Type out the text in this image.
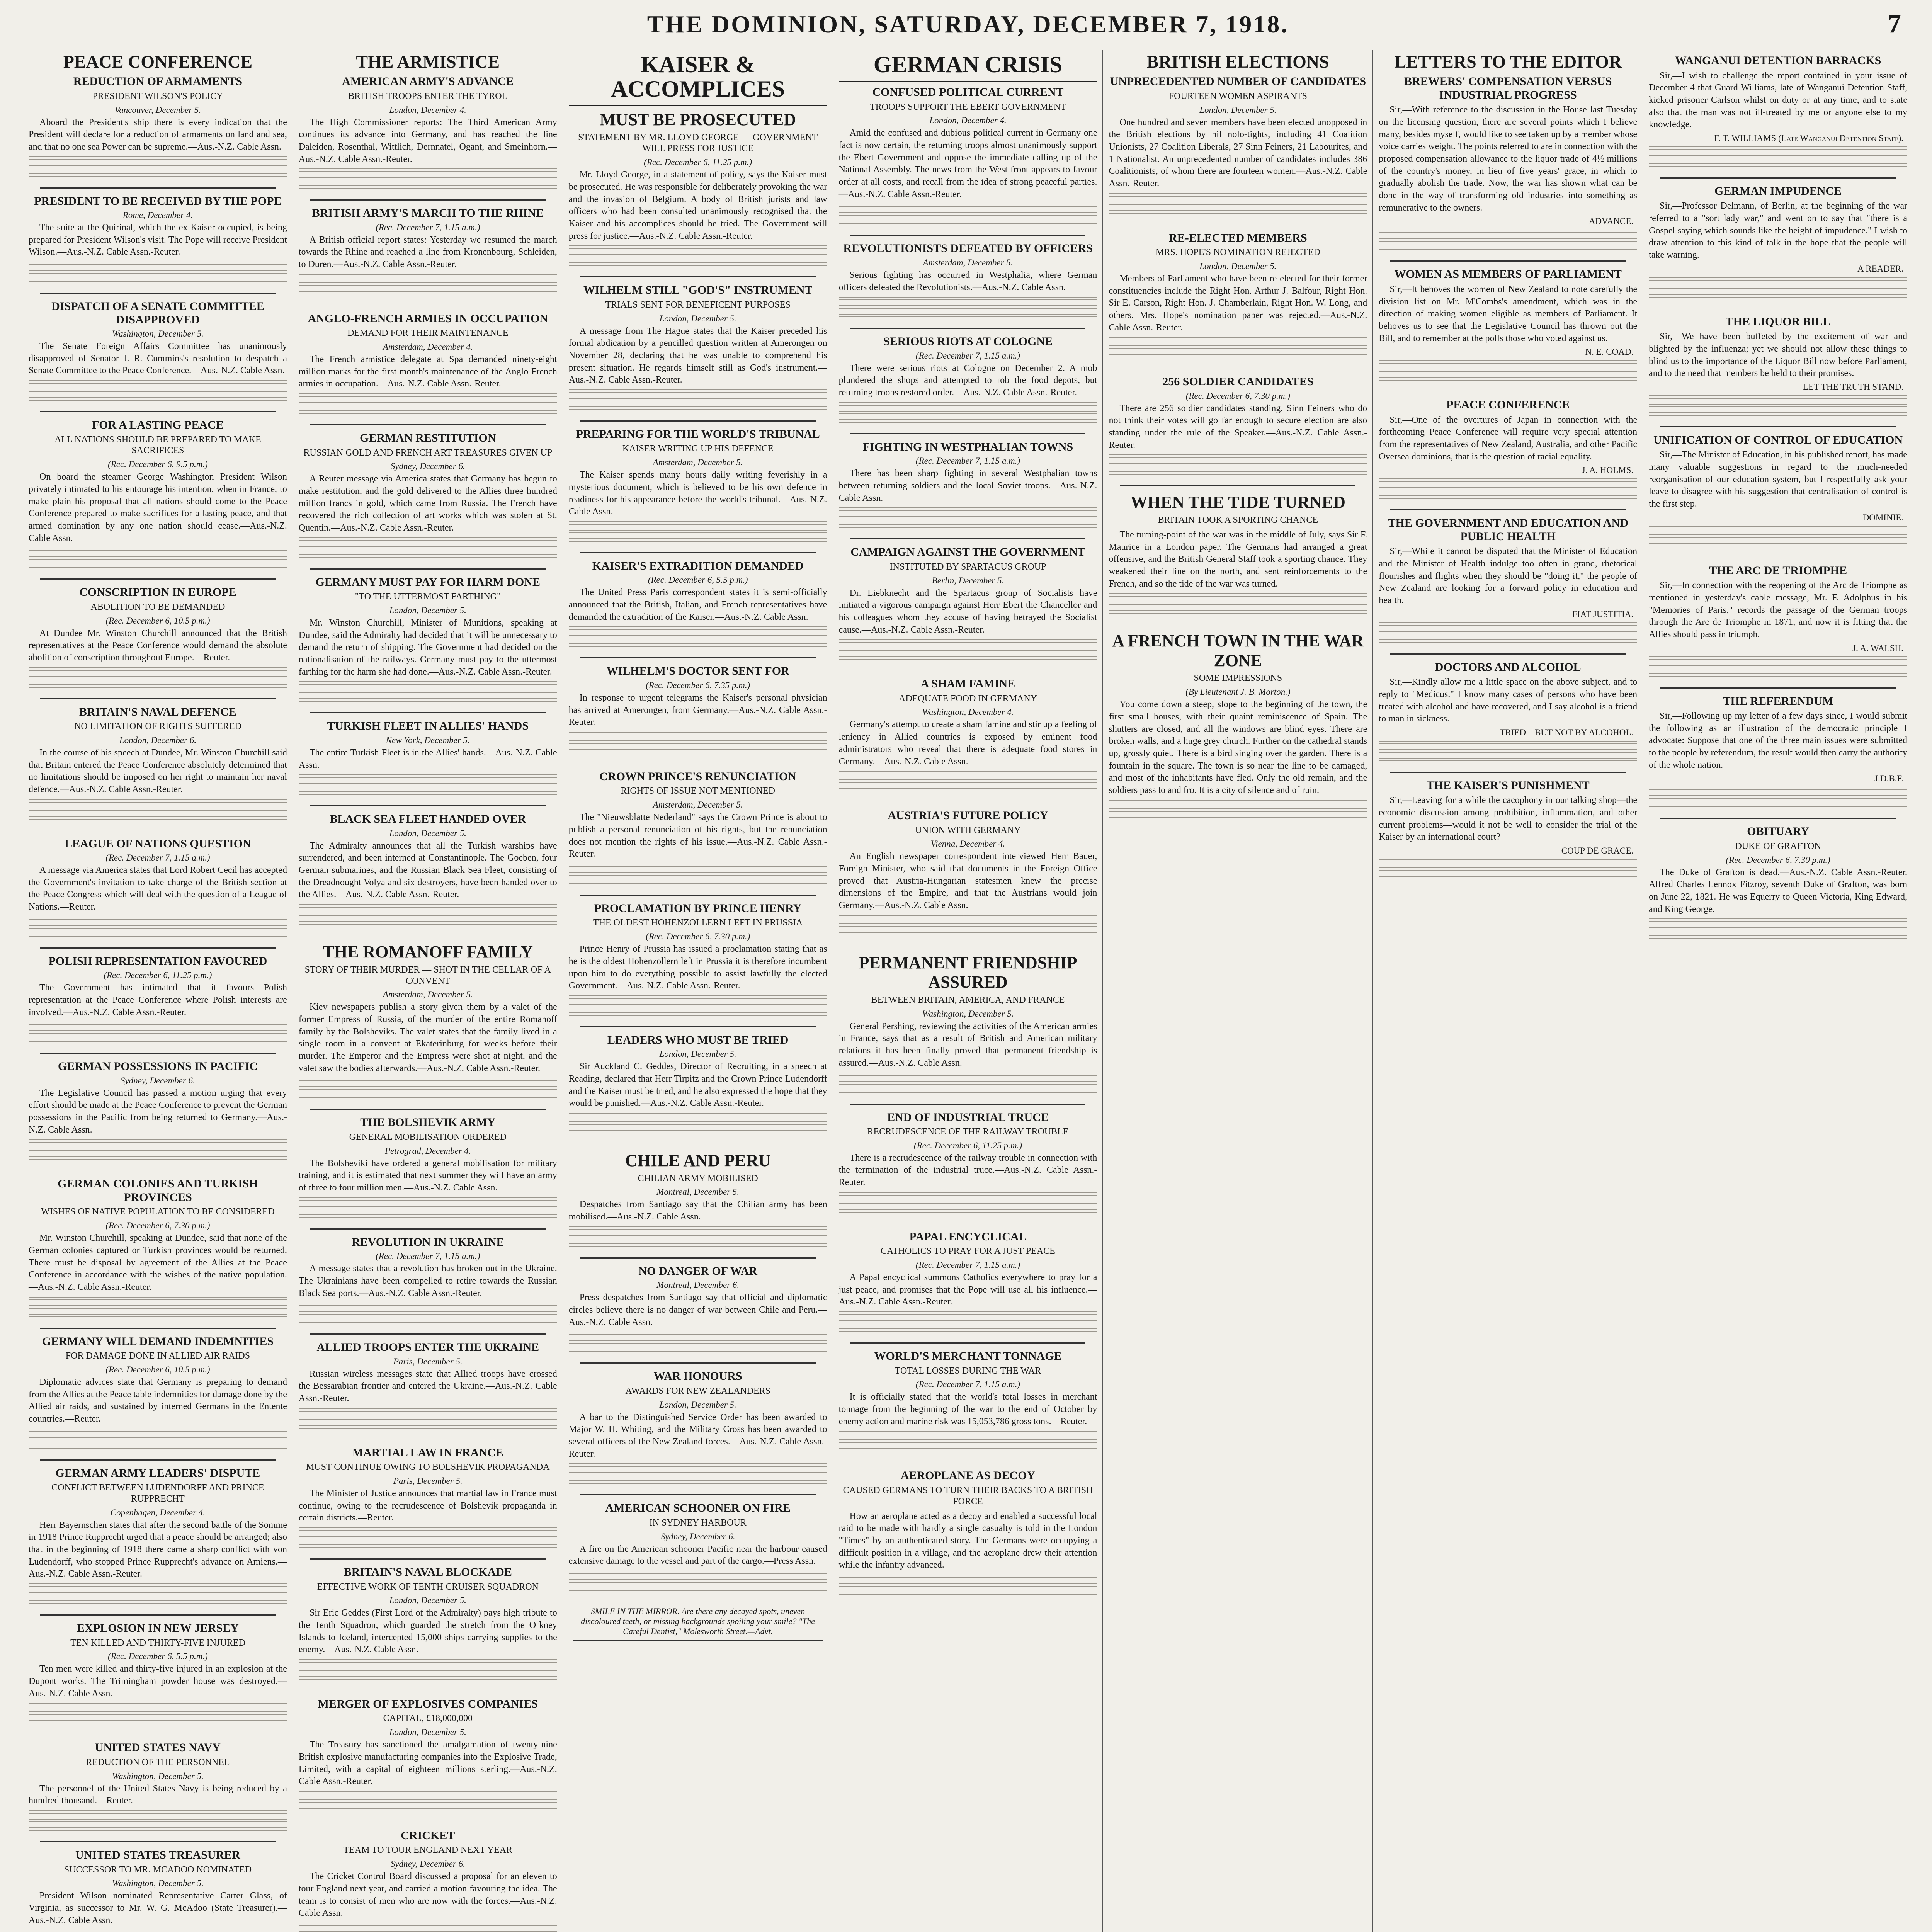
THE DOMINION, SATURDAY, DECEMBER 7, 1918.	7
PEACE CONFERENCE
REDUCTION OF ARMAMENTS
PRESIDENT WILSON'S POLICY
Vancouver, December 5.

Aboard the President's ship there is every indication that the President will declare for a reduction of armaments on land and sea, and that no one sea Power can be supreme.—Aus.-N.Z. Cable Assn.

PRESIDENT TO BE RECEIVED BY THE POPE
Rome, December 4.

The suite at the Quirinal, which the ex-Kaiser occupied, is being prepared for President Wilson's visit. The Pope will receive President Wilson.—Aus.-N.Z. Cable Assn.-Reuter.

DISPATCH OF A SENATE COMMITTEE DISAPPROVED
Washington, December 5.

The Senate Foreign Affairs Committee has unanimously disapproved of Senator J. R. Cummins's resolution to despatch a Senate Committee to the Peace Conference.—Aus.-N.Z. Cable Assn.

FOR A LASTING PEACE
ALL NATIONS SHOULD BE PREPARED TO MAKE SACRIFICES
(Rec. December 6, 9.5 p.m.)

On board the steamer George Washington President Wilson privately intimated to his entourage his intention, when in France, to make plain his proposal that all nations should come to the Peace Conference prepared to make sacrifices for a lasting peace, and that armed domination by any one nation should cease.—Aus.-N.Z. Cable Assn.

CONSCRIPTION IN EUROPE
ABOLITION TO BE DEMANDED
(Rec. December 6, 10.5 p.m.)

At Dundee Mr. Winston Churchill announced that the British representatives at the Peace Conference would demand the absolute abolition of conscription throughout Europe.—Reuter.

BRITAIN'S NAVAL DEFENCE
NO LIMITATION OF RIGHTS SUFFERED
London, December 6.

In the course of his speech at Dundee, Mr. Winston Churchill said that Britain entered the Peace Conference absolutely determined that no limitations should be imposed on her right to maintain her naval defence.—Aus.-N.Z. Cable Assn.-Reuter.

LEAGUE OF NATIONS QUESTION
(Rec. December 7, 1.15 a.m.)

A message via America states that Lord Robert Cecil has accepted the Government's invitation to take charge of the British section at the Peace Congress which will deal with the question of a League of Nations.—Reuter.

POLISH REPRESENTATION FAVOURED
(Rec. December 6, 11.25 p.m.)

The Government has intimated that it favours Polish representation at the Peace Conference where Polish interests are involved.—Aus.-N.Z. Cable Assn.-Reuter.

GERMAN POSSESSIONS IN PACIFIC
Sydney, December 6.

The Legislative Council has passed a motion urging that every effort should be made at the Peace Conference to prevent the German possessions in the Pacific from being returned to Germany.—Aus.-N.Z. Cable Assn.

GERMAN COLONIES AND TURKISH PROVINCES
WISHES OF NATIVE POPULATION TO BE CONSIDERED
(Rec. December 6, 7.30 p.m.)

Mr. Winston Churchill, speaking at Dundee, said that none of the German colonies captured or Turkish provinces would be returned. There must be disposal by agreement of the Allies at the Peace Conference in accordance with the wishes of the native population.—Aus.-N.Z. Cable Assn.-Reuter.

GERMANY WILL DEMAND INDEMNITIES
FOR DAMAGE DONE IN ALLIED AIR RAIDS
(Rec. December 6, 10.5 p.m.)

Diplomatic advices state that Germany is preparing to demand from the Allies at the Peace table indemnities for damage done by the Allied air raids, and sustained by interned Germans in the Entente countries.—Reuter.

GERMAN ARMY LEADERS' DISPUTE
CONFLICT BETWEEN LUDENDORFF AND PRINCE RUPPRECHT
Copenhagen, December 4.

Herr Bayernschen states that after the second battle of the Somme in 1918 Prince Rupprecht urged that a peace should be arranged; also that in the beginning of 1918 there came a sharp conflict with von Ludendorff, who stopped Prince Rupprecht's advance on Amiens.—Aus.-N.Z. Cable Assn.-Reuter.

EXPLOSION IN NEW JERSEY
TEN KILLED AND THIRTY-FIVE INJURED
(Rec. December 6, 5.5 p.m.)

Ten men were killed and thirty-five injured in an explosion at the Dupont works. The Trimingham powder house was destroyed.—Aus.-N.Z. Cable Assn.

UNITED STATES NAVY
REDUCTION OF THE PERSONNEL
Washington, December 5.

The personnel of the United States Navy is being reduced by a hundred thousand.—Reuter.

UNITED STATES TREASURER
SUCCESSOR TO MR. MCADOO NOMINATED
Washington, December 5.

President Wilson nominated Representative Carter Glass, of Virginia, as successor to Mr. W. G. McAdoo (State Treasurer).—Aus.-N.Z. Cable Assn.

THE ARMISTICE
AMERICAN ARMY'S ADVANCE
BRITISH TROOPS ENTER THE TYROL
London, December 4.

The High Commissioner reports: The Third American Army continues its advance into Germany, and has reached the line Daleiden, Rosenthal, Wittlich, Dernnatel, Ogant, and Smeinhorn.—Aus.-N.Z. Cable Assn.-Reuter.

BRITISH ARMY'S MARCH TO THE RHINE
(Rec. December 7, 1.15 a.m.)

A British official report states: Yesterday we resumed the march towards the Rhine and reached a line from Kronenbourg, Schleiden, to Duren.—Aus.-N.Z. Cable Assn.-Reuter.

ANGLO-FRENCH ARMIES IN OCCUPATION
DEMAND FOR THEIR MAINTENANCE
Amsterdam, December 4.

The French armistice delegate at Spa demanded ninety-eight million marks for the first month's maintenance of the Anglo-French armies in occupation.—Aus.-N.Z. Cable Assn.-Reuter.

GERMAN RESTITUTION
RUSSIAN GOLD AND FRENCH ART TREASURES GIVEN UP
Sydney, December 6.

A Reuter message via America states that Germany has begun to make restitution, and the gold delivered to the Allies three hundred million francs in gold, which came from Russia. The French have recovered the rich collection of art works which was stolen at St. Quentin.—Aus.-N.Z. Cable Assn.-Reuter.

GERMANY MUST PAY FOR HARM DONE
"TO THE UTTERMOST FARTHING"
London, December 5.

Mr. Winston Churchill, Minister of Munitions, speaking at Dundee, said the Admiralty had decided that it will be unnecessary to demand the return of shipping. The Government had decided on the nationalisation of the railways. Germany must pay to the uttermost farthing for the harm she had done.—Aus.-N.Z. Cable Assn.-Reuter.

TURKISH FLEET IN ALLIES' HANDS
New York, December 5.

The entire Turkish Fleet is in the Allies' hands.—Aus.-N.Z. Cable Assn.

BLACK SEA FLEET HANDED OVER
London, December 5.

The Admiralty announces that all the Turkish warships have surrendered, and been interned at Constantinople. The Goeben, four German submarines, and the Russian Black Sea Fleet, consisting of the Dreadnought Volya and six destroyers, have been handed over to the Allies.—Aus.-N.Z. Cable Assn.-Reuter.

THE ROMANOFF FAMILY
STORY OF THEIR MURDER — SHOT IN THE CELLAR OF A CONVENT
Amsterdam, December 5.

Kiev newspapers publish a story given them by a valet of the former Empress of Russia, of the murder of the entire Romanoff family by the Bolsheviks. The valet states that the family lived in a single room in a convent at Ekaterinburg for weeks before their murder. The Emperor and the Empress were shot at night, and the valet saw the bodies afterwards.—Aus.-N.Z. Cable Assn.-Reuter.

THE BOLSHEVIK ARMY
GENERAL MOBILISATION ORDERED
Petrograd, December 4.

The Bolsheviki have ordered a general mobilisation for military training, and it is estimated that next summer they will have an army of three to four million men.—Aus.-N.Z. Cable Assn.

REVOLUTION IN UKRAINE
(Rec. December 7, 1.15 a.m.)

A message states that a revolution has broken out in the Ukraine. The Ukrainians have been compelled to retire towards the Russian Black Sea ports.—Aus.-N.Z. Cable Assn.-Reuter.

ALLIED TROOPS ENTER THE UKRAINE
Paris, December 5.

Russian wireless messages state that Allied troops have crossed the Bessarabian frontier and entered the Ukraine.—Aus.-N.Z. Cable Assn.-Reuter.

MARTIAL LAW IN FRANCE
MUST CONTINUE OWING TO BOLSHEVIK PROPAGANDA
Paris, December 5.

The Minister of Justice announces that martial law in France must continue, owing to the recrudescence of Bolshevik propaganda in certain districts.—Reuter.

BRITAIN'S NAVAL BLOCKADE
EFFECTIVE WORK OF TENTH CRUISER SQUADRON
London, December 5.

Sir Eric Geddes (First Lord of the Admiralty) pays high tribute to the Tenth Squadron, which guarded the stretch from the Orkney Islands to Iceland, intercepted 15,000 ships carrying supplies to the enemy.—Aus.-N.Z. Cable Assn.

MERGER OF EXPLOSIVES COMPANIES
CAPITAL, £18,000,000
London, December 5.

The Treasury has sanctioned the amalgamation of twenty-nine British explosive manufacturing companies into the Explosive Trade, Limited, with a capital of eighteen millions sterling.—Aus.-N.Z. Cable Assn.-Reuter.

CRICKET
TEAM TO TOUR ENGLAND NEXT YEAR
Sydney, December 6.

The Cricket Control Board discussed a proposal for an eleven to tour England next year, and carried a motion favouring the idea. The team is to consist of men who are now with the forces.—Aus.-N.Z. Cable Assn.

KAISER & ACCOMPLICES
MUST BE PROSECUTED
STATEMENT BY MR. LLOYD GEORGE — GOVERNMENT WILL PRESS FOR JUSTICE
(Rec. December 6, 11.25 p.m.)

Mr. Lloyd George, in a statement of policy, says the Kaiser must be prosecuted. He was responsible for deliberately provoking the war and the invasion of Belgium. A body of British jurists and law officers who had been consulted unanimously recognised that the Kaiser and his accomplices should be tried. The Government will press for justice.—Aus.-N.Z. Cable Assn.-Reuter.

WILHELM STILL "GOD'S" INSTRUMENT
TRIALS SENT FOR BENEFICENT PURPOSES
London, December 5.

A message from The Hague states that the Kaiser preceded his formal abdication by a pencilled question written at Amerongen on November 28, declaring that he was unable to comprehend his present situation. He regards himself still as God's instrument.—Aus.-N.Z. Cable Assn.-Reuter.

PREPARING FOR THE WORLD'S TRIBUNAL
KAISER WRITING UP HIS DEFENCE
Amsterdam, December 5.

The Kaiser spends many hours daily writing feverishly in a mysterious document, which is believed to be his own defence in readiness for his appearance before the world's tribunal.—Aus.-N.Z. Cable Assn.

KAISER'S EXTRADITION DEMANDED
(Rec. December 6, 5.5 p.m.)

The United Press Paris correspondent states it is semi-officially announced that the British, Italian, and French representatives have demanded the extradition of the Kaiser.—Aus.-N.Z. Cable Assn.

WILHELM'S DOCTOR SENT FOR
(Rec. December 6, 7.35 p.m.)

In response to urgent telegrams the Kaiser's personal physician has arrived at Amerongen, from Germany.—Aus.-N.Z. Cable Assn.-Reuter.

CROWN PRINCE'S RENUNCIATION
RIGHTS OF ISSUE NOT MENTIONED
Amsterdam, December 5.

The "Nieuwsblatte Nederland" says the Crown Prince is about to publish a personal renunciation of his rights, but the renunciation does not mention the rights of his issue.—Aus.-N.Z. Cable Assn.-Reuter.

PROCLAMATION BY PRINCE HENRY
THE OLDEST HOHENZOLLERN LEFT IN PRUSSIA
(Rec. December 6, 7.30 p.m.)

Prince Henry of Prussia has issued a proclamation stating that as he is the oldest Hohenzollern left in Prussia it is therefore incumbent upon him to do everything possible to assist lawfully the elected Government.—Aus.-N.Z. Cable Assn.-Reuter.

LEADERS WHO MUST BE TRIED
London, December 5.

Sir Auckland C. Geddes, Director of Recruiting, in a speech at Reading, declared that Herr Tirpitz and the Crown Prince Ludendorff and the Kaiser must be tried, and he also expressed the hope that they would be punished.—Aus.-N.Z. Cable Assn.-Reuter.

CHILE AND PERU
CHILIAN ARMY MOBILISED
Montreal, December 5.

Despatches from Santiago say that the Chilian army has been mobilised.—Aus.-N.Z. Cable Assn.

NO DANGER OF WAR
Montreal, December 6.

Press despatches from Santiago say that official and diplomatic circles believe there is no danger of war between Chile and Peru.—Aus.-N.Z. Cable Assn.

WAR HONOURS
AWARDS FOR NEW ZEALANDERS
London, December 5.

A bar to the Distinguished Service Order has been awarded to Major W. H. Whiting, and the Military Cross has been awarded to several officers of the New Zealand forces.—Aus.-N.Z. Cable Assn.-Reuter.

AMERICAN SCHOONER ON FIRE
IN SYDNEY HARBOUR
Sydney, December 6.

A fire on the American schooner Pacific near the harbour caused extensive damage to the vessel and part of the cargo.—Press Assn.

SMILE IN THE MIRROR. Are there any decayed spots, uneven discoloured teeth, or missing backgrounds spoiling your smile? "The Careful Dentist," Molesworth Street.—Advt.
GERMAN CRISIS
CONFUSED POLITICAL CURRENT
TROOPS SUPPORT THE EBERT GOVERNMENT
London, December 4.

Amid the confused and dubious political current in Germany one fact is now certain, the returning troops almost unanimously support the Ebert Government and oppose the immediate calling up of the National Assembly. The news from the West front appears to favour order at all costs, and recall from the idea of strong peaceful parties.—Aus.-N.Z. Cable Assn.-Reuter.

REVOLUTIONISTS DEFEATED BY OFFICERS
Amsterdam, December 5.

Serious fighting has occurred in Westphalia, where German officers defeated the Revolutionists.—Aus.-N.Z. Cable Assn.

SERIOUS RIOTS AT COLOGNE
(Rec. December 7, 1.15 a.m.)

There were serious riots at Cologne on December 2. A mob plundered the shops and attempted to rob the food depots, but returning troops restored order.—Aus.-N.Z. Cable Assn.-Reuter.

FIGHTING IN WESTPHALIAN TOWNS
(Rec. December 7, 1.15 a.m.)

There has been sharp fighting in several Westphalian towns between returning soldiers and the local Soviet troops.—Aus.-N.Z. Cable Assn.

CAMPAIGN AGAINST THE GOVERNMENT
INSTITUTED BY SPARTACUS GROUP
Berlin, December 5.

Dr. Liebknecht and the Spartacus group of Socialists have initiated a vigorous campaign against Herr Ebert the Chancellor and his colleagues whom they accuse of having betrayed the Socialist cause.—Aus.-N.Z. Cable Assn.-Reuter.

A SHAM FAMINE
ADEQUATE FOOD IN GERMANY
Washington, December 4.

Germany's attempt to create a sham famine and stir up a feeling of leniency in Allied countries is exposed by eminent food administrators who reveal that there is adequate food stores in Germany.—Aus.-N.Z. Cable Assn.

AUSTRIA'S FUTURE POLICY
UNION WITH GERMANY
Vienna, December 4.

An English newspaper correspondent interviewed Herr Bauer, Foreign Minister, who said that documents in the Foreign Office proved that Austria-Hungarian statesmen knew the precise dimensions of the Empire, and that the Austrians would join Germany.—Aus.-N.Z. Cable Assn.

PERMANENT FRIENDSHIP ASSURED
BETWEEN BRITAIN, AMERICA, AND FRANCE
Washington, December 5.

General Pershing, reviewing the activities of the American armies in France, says that as a result of British and American military relations it has been finally proved that permanent friendship is assured.—Aus.-N.Z. Cable Assn.

END OF INDUSTRIAL TRUCE
RECRUDESCENCE OF THE RAILWAY TROUBLE
(Rec. December 6, 11.25 p.m.)

There is a recrudescence of the railway trouble in connection with the termination of the industrial truce.—Aus.-N.Z. Cable Assn.-Reuter.

PAPAL ENCYCLICAL
CATHOLICS TO PRAY FOR A JUST PEACE
(Rec. December 7, 1.15 a.m.)

A Papal encyclical summons Catholics everywhere to pray for a just peace, and promises that the Pope will use all his influence.—Aus.-N.Z. Cable Assn.-Reuter.

WORLD'S MERCHANT TONNAGE
TOTAL LOSSES DURING THE WAR
(Rec. December 7, 1.15 a.m.)

It is officially stated that the world's total losses in merchant tonnage from the beginning of the war to the end of October by enemy action and marine risk was 15,053,786 gross tons.—Reuter.

AEROPLANE AS DECOY
CAUSED GERMANS TO TURN THEIR BACKS TO A BRITISH FORCE

How an aeroplane acted as a decoy and enabled a successful local raid to be made with hardly a single casualty is told in the London "Times" by an authenticated story. The Germans were occupying a difficult position in a village, and the aeroplane drew their attention while the infantry advanced.

BRITISH ELECTIONS
UNPRECEDENTED NUMBER OF CANDIDATES
FOURTEEN WOMEN ASPIRANTS
London, December 5.

One hundred and seven members have been elected unopposed in the British elections by nil nolo-tights, including 41 Coalition Unionists, 27 Coalition Liberals, 27 Sinn Feiners, 21 Labourites, and 1 Nationalist. An unprecedented number of candidates includes 386 Coalitionists, of whom there are fourteen women.—Aus.-N.Z. Cable Assn.-Reuter.

RE-ELECTED MEMBERS
MRS. HOPE'S NOMINATION REJECTED
London, December 5.

Members of Parliament who have been re-elected for their former constituencies include the Right Hon. Arthur J. Balfour, Right Hon. Sir E. Carson, Right Hon. J. Chamberlain, Right Hon. W. Long, and others. Mrs. Hope's nomination paper was rejected.—Aus.-N.Z. Cable Assn.-Reuter.

256 SOLDIER CANDIDATES
(Rec. December 6, 7.30 p.m.)

There are 256 soldier candidates standing. Sinn Feiners who do not think their votes will go far enough to secure election are also standing under the rule of the Speaker.—Aus.-N.Z. Cable Assn.-Reuter.

WHEN THE TIDE TURNED
BRITAIN TOOK A SPORTING CHANCE

The turning-point of the war was in the middle of July, says Sir F. Maurice in a London paper. The Germans had arranged a great offensive, and the British General Staff took a sporting chance. They weakened their line on the north, and sent reinforcements to the French, and so the tide of the war was turned.

A FRENCH TOWN IN THE WAR ZONE
SOME IMPRESSIONS
(By Lieutenant J. B. Morton.)

You come down a steep, slope to the beginning of the town, the first small houses, with their quaint reminiscence of Spain. The shutters are closed, and all the windows are blind eyes. There are broken walls, and a huge grey church. Further on the cathedral stands up, grossly quiet. There is a bird singing over the garden. There is a fountain in the square. The town is so near the line to be damaged, and most of the inhabitants have fled. Only the old remain, and the soldiers pass to and fro. It is a city of silence and of ruin.

LETTERS TO THE EDITOR
BREWERS' COMPENSATION VERSUS INDUSTRIAL PROGRESS

Sir,—With reference to the discussion in the House last Tuesday on the licensing question, there are several points which I believe many, besides myself, would like to see taken up by a member whose voice carries weight. The points referred to are in connection with the proposed compensation allowance to the liquor trade of 4½ millions of the country's money, in lieu of five years' grace, in which to gradually abolish the trade. Now, the war has shown what can be done in the way of transforming old industries into something as remunerative to the owners.

ADVANCE.
WOMEN AS MEMBERS OF PARLIAMENT

Sir,—It behoves the women of New Zealand to note carefully the division list on Mr. M'Combs's amendment, which was in the direction of making women eligible as members of Parliament. It behoves us to see that the Legislative Council has thrown out the Bill, and to remember at the polls those who voted against us.

N. E. COAD.
PEACE CONFERENCE

Sir,—One of the overtures of Japan in connection with the forthcoming Peace Conference will require very special attention from the representatives of New Zealand, Australia, and other Pacific Oversea dominions, that is the question of racial equality.

J. A. HOLMS.
THE GOVERNMENT AND EDUCATION AND PUBLIC HEALTH

Sir,—While it cannot be disputed that the Minister of Education and the Minister of Health indulge too often in grand, rhetorical flourishes and flights when they should be "doing it," the people of New Zealand are looking for a forward policy in education and health.

FIAT JUSTITIA.
DOCTORS AND ALCOHOL

Sir,—Kindly allow me a little space on the above subject, and to reply to "Medicus." I know many cases of persons who have been treated with alcohol and have recovered, and I say alcohol is a friend to man in sickness.

TRIED—BUT NOT BY ALCOHOL.
THE KAISER'S PUNISHMENT

Sir,—Leaving for a while the cacophony in our talking shop—the economic discussion among prohibition, inflammation, and other current problems—would it not be well to consider the trial of the Kaiser by an international court?

COUP DE GRACE.
WANGANUI DETENTION BARRACKS

Sir,—I wish to challenge the report contained in your issue of December 4 that Guard Williams, late of Wanganui Detention Staff, kicked prisoner Carlson whilst on duty or at any time, and to state also that the man was not ill-treated by me or anyone else to my knowledge.

F. T. WILLIAMS (Late Wanganui Detention Staff).
GERMAN IMPUDENCE

Sir,—Professor Delmann, of Berlin, at the beginning of the war referred to a "sort lady war," and went on to say that "there is a Gospel saying which sounds like the height of impudence." I wish to draw attention to this kind of talk in the hope that the people will take warning.

A READER.
THE LIQUOR BILL

Sir,—We have been buffeted by the excitement of war and blighted by the influenza; yet we should not allow these things to blind us to the importance of the Liquor Bill now before Parliament, and to the need that members be held to their promises.

LET THE TRUTH STAND.
UNIFICATION OF CONTROL OF EDUCATION

Sir,—The Minister of Education, in his published report, has made many valuable suggestions in regard to the much-needed reorganisation of our education system, but I respectfully ask your leave to disagree with his suggestion that centralisation of control is the first step.

DOMINIE.
THE ARC DE TRIOMPHE

Sir,—In connection with the reopening of the Arc de Triomphe as mentioned in yesterday's cable message, Mr. F. Adolphus in his "Memories of Paris," records the passage of the German troops through the Arc de Triomphe in 1871, and now it is fitting that the Allies should pass in triumph.

J. A. WALSH.
THE REFERENDUM

Sir,—Following up my letter of a few days since, I would submit the following as an illustration of the democratic principle I advocate: Suppose that one of the three main issues were submitted to the people by referendum, the result would then carry the authority of the whole nation.

J.D.B.F.
OBITUARY
DUKE OF GRAFTON
(Rec. December 6, 7.30 p.m.)

The Duke of Grafton is dead.—Aus.-N.Z. Cable Assn.-Reuter. Alfred Charles Lennox Fitzroy, seventh Duke of Grafton, was born on June 22, 1821. He was Equerry to Queen Victoria, King Edward, and King George.
